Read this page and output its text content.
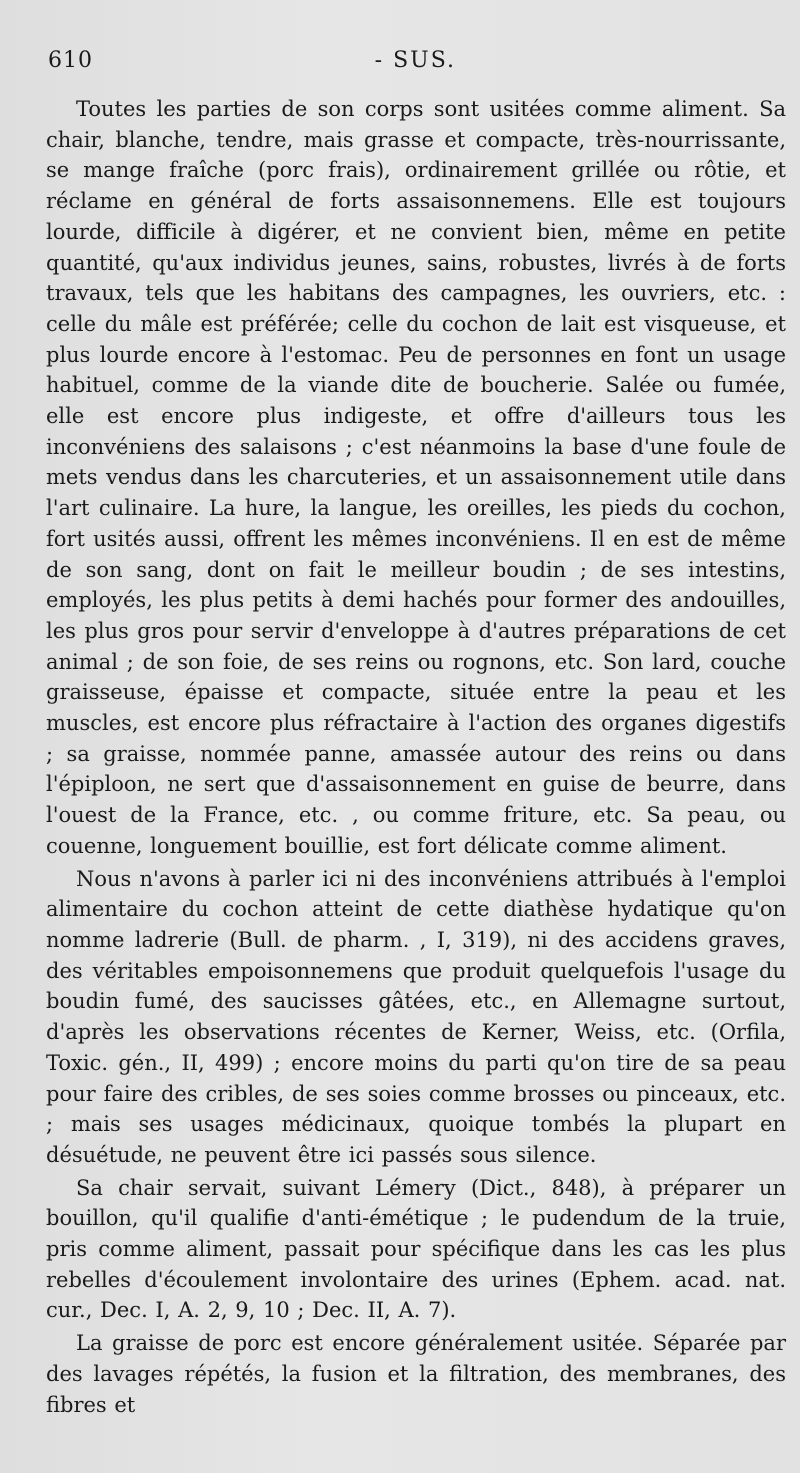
610	- SUS.

Toutes les parties de son corps sont usitées comme aliment. Sa chair, blanche, tendre, mais grasse et compacte, très-nourrissante, se mange fraîche (porc frais), ordinairement grillée ou rôtie, et réclame en général de forts assaisonnemens. Elle est toujours lourde, difficile à digérer, et ne convient bien, même en petite quantité, qu'aux individus jeunes, sains, robustes, livrés à de forts travaux, tels que les habitans des campagnes, les ouvriers, etc. : celle du mâle est préférée; celle du cochon de lait est visqueuse, et plus lourde encore à l'estomac. Peu de personnes en font un usage habituel, comme de la viande dite de boucherie. Salée ou fumée, elle est encore plus indigeste, et offre d'ailleurs tous les inconvéniens des salaisons ; c'est néanmoins la base d'une foule de mets vendus dans les charcuteries, et un assaisonnement utile dans l'art culinaire. La hure, la langue, les oreilles, les pieds du cochon, fort usités aussi, offrent les mêmes inconvéniens. Il en est de même de son sang, dont on fait le meilleur boudin ; de ses intestins, employés, les plus petits à demi hachés pour former des andouilles, les plus gros pour servir d'enveloppe à d'autres préparations de cet animal ; de son foie, de ses reins ou rognons, etc. Son lard, couche graisseuse, épaisse et compacte, située entre la peau et les muscles, est encore plus réfractaire à l'action des organes digestifs ; sa graisse, nommée panne, amassée autour des reins ou dans l'épiploon, ne sert que d'assaisonnement en guise de beurre, dans l'ouest de la France, etc. , ou comme friture, etc. Sa peau, ou couenne, longuement bouillie, est fort délicate comme aliment.

Nous n'avons à parler ici ni des inconvéniens attribués à l'emploi alimentaire du cochon atteint de cette diathèse hydatique qu'on nomme ladrerie (Bull. de pharm. , I, 319), ni des accidens graves, des véritables empoisonnemens que produit quelquefois l'usage du boudin fumé, des saucisses gâtées, etc., en Allemagne surtout, d'après les observations récentes de Kerner, Weiss, etc. (Orfila, Toxic. gén., II, 499) ; encore moins du parti qu'on tire de sa peau pour faire des cribles, de ses soies comme brosses ou pinceaux, etc. ; mais ses usages médicinaux, quoique tombés la plupart en désuétude, ne peuvent être ici passés sous silence.

Sa chair servait, suivant Lémery (Dict., 848), à préparer un bouillon, qu'il qualifie d'anti-émétique ; le pudendum de la truie, pris comme aliment, passait pour spécifique dans les cas les plus rebelles d'écoulement involontaire des urines (Ephem. acad. nat. cur., Dec. I, A. 2, 9, 10 ; Dec. II, A. 7).

La graisse de porc est encore généralement usitée. Séparée par des lavages répétés, la fusion et la filtration, des membranes, des fibres et
